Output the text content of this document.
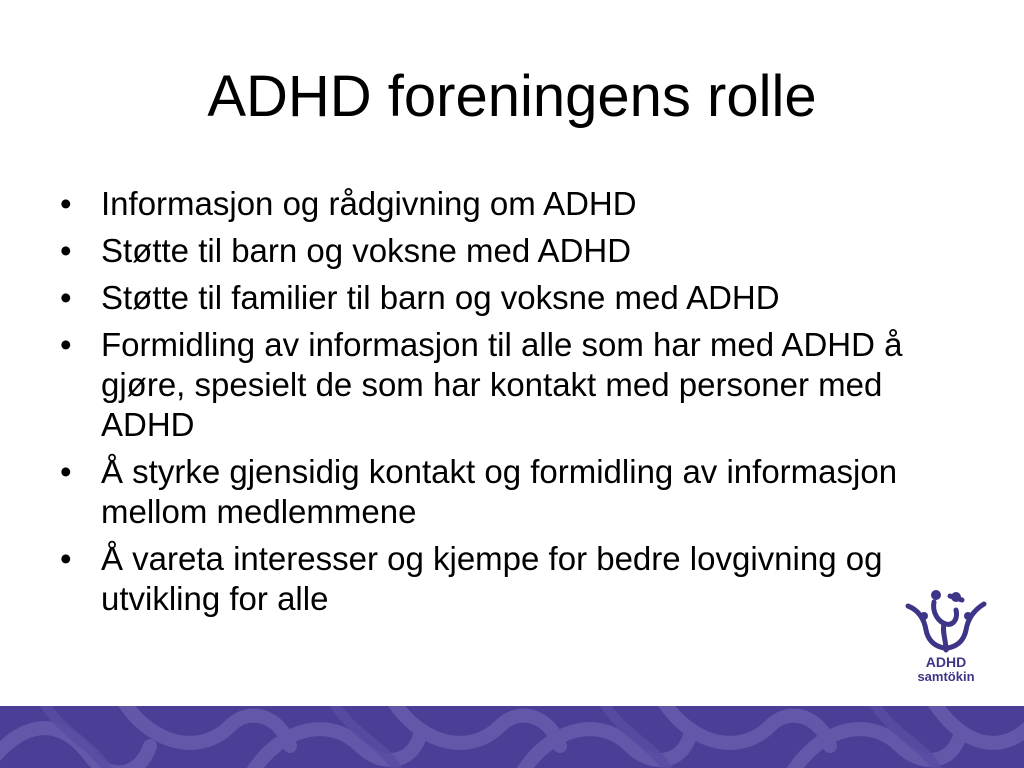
ADHD foreningens rolle
• Informasjon og rådgivning om ADHD
• Støtte til barn og voksne med ADHD
• Støtte til familier til barn og voksne med ADHD
• Formidling av informasjon til alle som har med ADHD å gjøre, spesielt de som har kontakt med personer med ADHD
• Å styrke gjensidig kontakt og formidling av informasjon mellom medlemmene
• Å vareta interesser og kjempe for bedre lovgivning og utvikling for alle
ADHD
samtökin
